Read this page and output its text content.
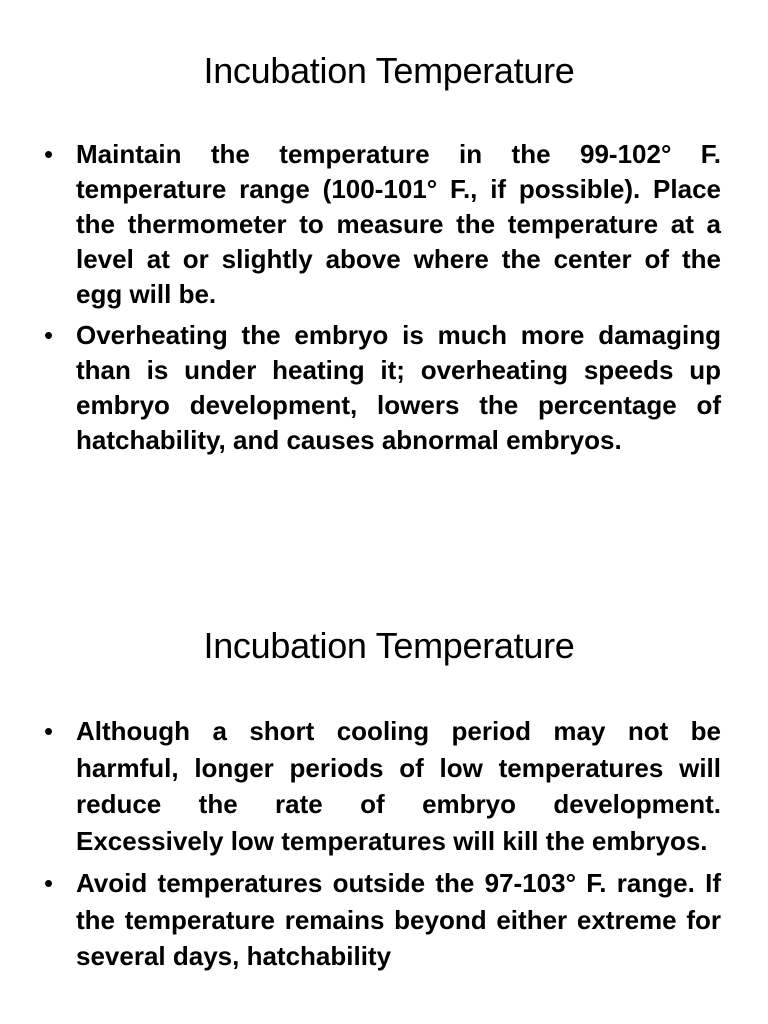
Incubation Temperature
• Maintain the temperature in the 99-102° F. temperature range (100-101° F., if possible). Place the thermometer to measure the temperature at a level at or slightly above where the center of the egg will be.
• Overheating the embryo is much more damaging than is under heating it; overheating speeds up embryo development, lowers the percentage of hatchability, and causes abnormal embryos.
Incubation Temperature
• Although a short cooling period may not be harmful, longer periods of low temperatures will reduce the rate of embryo development. Excessively low temperatures will kill the embryos.
• Avoid temperatures outside the 97-103° F. range. If the temperature remains beyond either extreme for several days, hatchability
